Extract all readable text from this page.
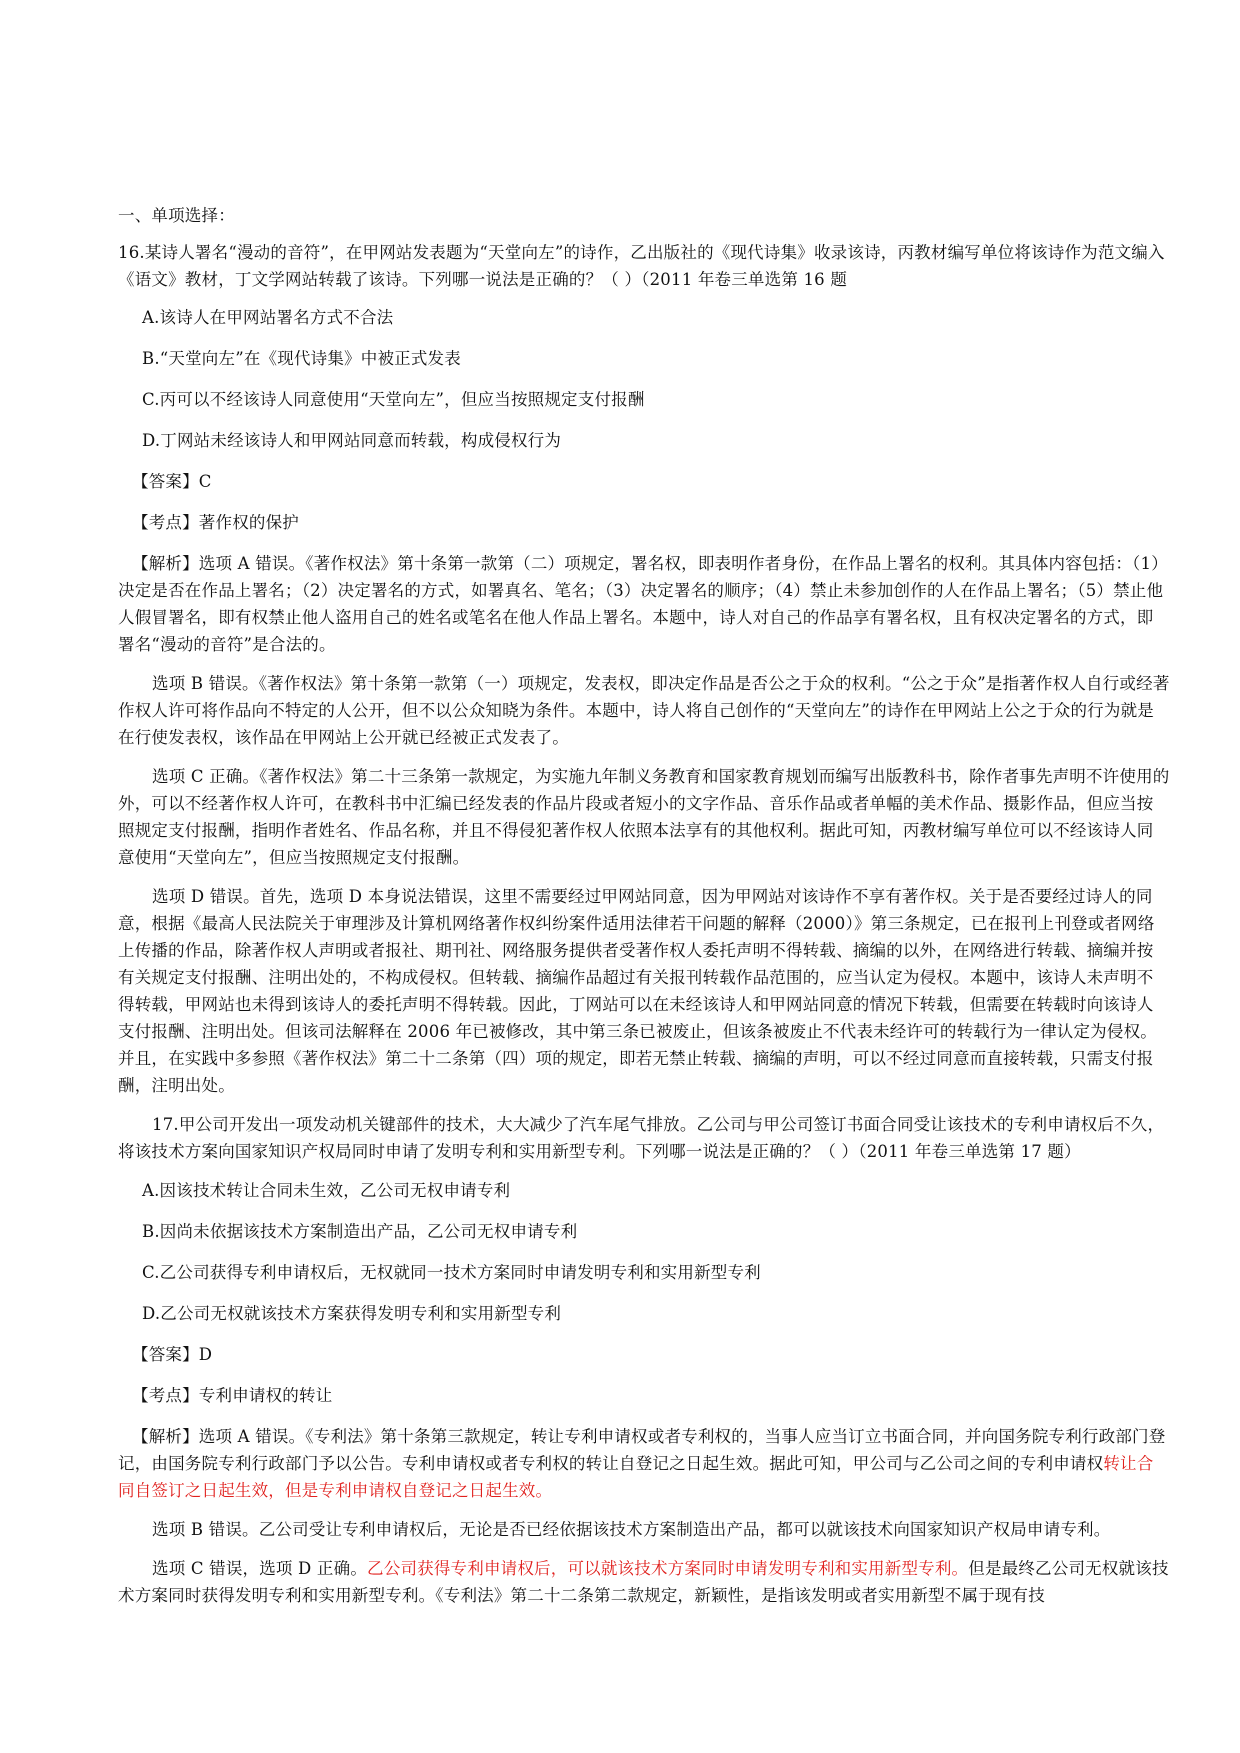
一、单项选择：

16.某诗人署名“漫动的音符”，在甲网站发表题为“天堂向左”的诗作，乙出版社的《现代诗集》收录该诗，丙教材编写单位将该诗作为范文编入《语文》教材，丁文学网站转载了该诗。下列哪一说法是正确的？（ ）（2011 年卷三单选第 16 题

A.该诗人在甲网站署名方式不合法

B.“天堂向左”在《现代诗集》中被正式发表

C.丙可以不经该诗人同意使用“天堂向左”，但应当按照规定支付报酬

D.丁网站未经该诗人和甲网站同意而转载，构成侵权行为

【答案】C

【考点】著作权的保护

【解析】选项 A 错误。《著作权法》第十条第一款第（二）项规定，署名权，即表明作者身份，在作品上署名的权利。其具体内容包括：（1）决定是否在作品上署名；（2）决定署名的方式，如署真名、笔名；（3）决定署名的顺序；（4）禁止未参加创作的人在作品上署名；（5）禁止他人假冒署名，即有权禁止他人盗用自己的姓名或笔名在他人作品上署名。本题中，诗人对自己的作品享有署名权，且有权决定署名的方式，即署名“漫动的音符”是合法的。

选项 B 错误。《著作权法》第十条第一款第（一）项规定，发表权，即决定作品是否公之于众的权利。“公之于众”是指著作权人自行或经著作权人许可将作品向不特定的人公开，但不以公众知晓为条件。本题中，诗人将自己创作的“天堂向左”的诗作在甲网站上公之于众的行为就是在行使发表权，该作品在甲网站上公开就已经被正式发表了。

选项 C 正确。《著作权法》第二十三条第一款规定，为实施九年制义务教育和国家教育规划而编写出版教科书，除作者事先声明不许使用的外，可以不经著作权人许可，在教科书中汇编已经发表的作品片段或者短小的文字作品、音乐作品或者单幅的美术作品、摄影作品，但应当按照规定支付报酬，指明作者姓名、作品名称，并且不得侵犯著作权人依照本法享有的其他权利。据此可知，丙教材编写单位可以不经该诗人同意使用“天堂向左”，但应当按照规定支付报酬。

选项 D 错误。首先，选项 D 本身说法错误，这里不需要经过甲网站同意，因为甲网站对该诗作不享有著作权。关于是否要经过诗人的同意，根据《最高人民法院关于审理涉及计算机网络著作权纠纷案件适用法律若干问题的解释（2000）》第三条规定，已在报刊上刊登或者网络上传播的作品，除著作权人声明或者报社、期刊社、网络服务提供者受著作权人委托声明不得转载、摘编的以外，在网络进行转载、摘编并按有关规定支付报酬、注明出处的，不构成侵权。但转载、摘编作品超过有关报刊转载作品范围的，应当认定为侵权。本题中，该诗人未声明不得转载，甲网站也未得到该诗人的委托声明不得转载。因此，丁网站可以在未经该诗人和甲网站同意的情况下转载，但需要在转载时向该诗人支付报酬、注明出处。但该司法解释在 2006 年已被修改，其中第三条已被废止，但该条被废止不代表未经许可的转载行为一律认定为侵权。并且，在实践中多参照《著作权法》第二十二条第（四）项的规定，即若无禁止转载、摘编的声明，可以不经过同意而直接转载，只需支付报酬，注明出处。

17.甲公司开发出一项发动机关键部件的技术，大大减少了汽车尾气排放。乙公司与甲公司签订书面合同受让该技术的专利申请权后不久，将该技术方案向国家知识产权局同时申请了发明专利和实用新型专利。下列哪一说法是正确的？（ ）（2011 年卷三单选第 17 题）

A.因该技术转让合同未生效，乙公司无权申请专利

B.因尚未依据该技术方案制造出产品，乙公司无权申请专利

C.乙公司获得专利申请权后，无权就同一技术方案同时申请发明专利和实用新型专利

D.乙公司无权就该技术方案获得发明专利和实用新型专利

【答案】D

【考点】专利申请权的转让

【解析】选项 A 错误。《专利法》第十条第三款规定，转让专利申请权或者专利权的，当事人应当订立书面合同，并向国务院专利行政部门登记，由国务院专利行政部门予以公告。专利申请权或者专利权的转让自登记之日起生效。据此可知，甲公司与乙公司之间的专利申请权转让合同自签订之日起生效，但是专利申请权自登记之日起生效。

选项 B 错误。乙公司受让专利申请权后，无论是否已经依据该技术方案制造出产品，都可以就该技术向国家知识产权局申请专利。

选项 C 错误，选项 D 正确。乙公司获得专利申请权后，可以就该技术方案同时申请发明专利和实用新型专利。但是最终乙公司无权就该技术方案同时获得发明专利和实用新型专利。《专利法》第二十二条第二款规定，新颖性，是指该发明或者实用新型不属于现有技
